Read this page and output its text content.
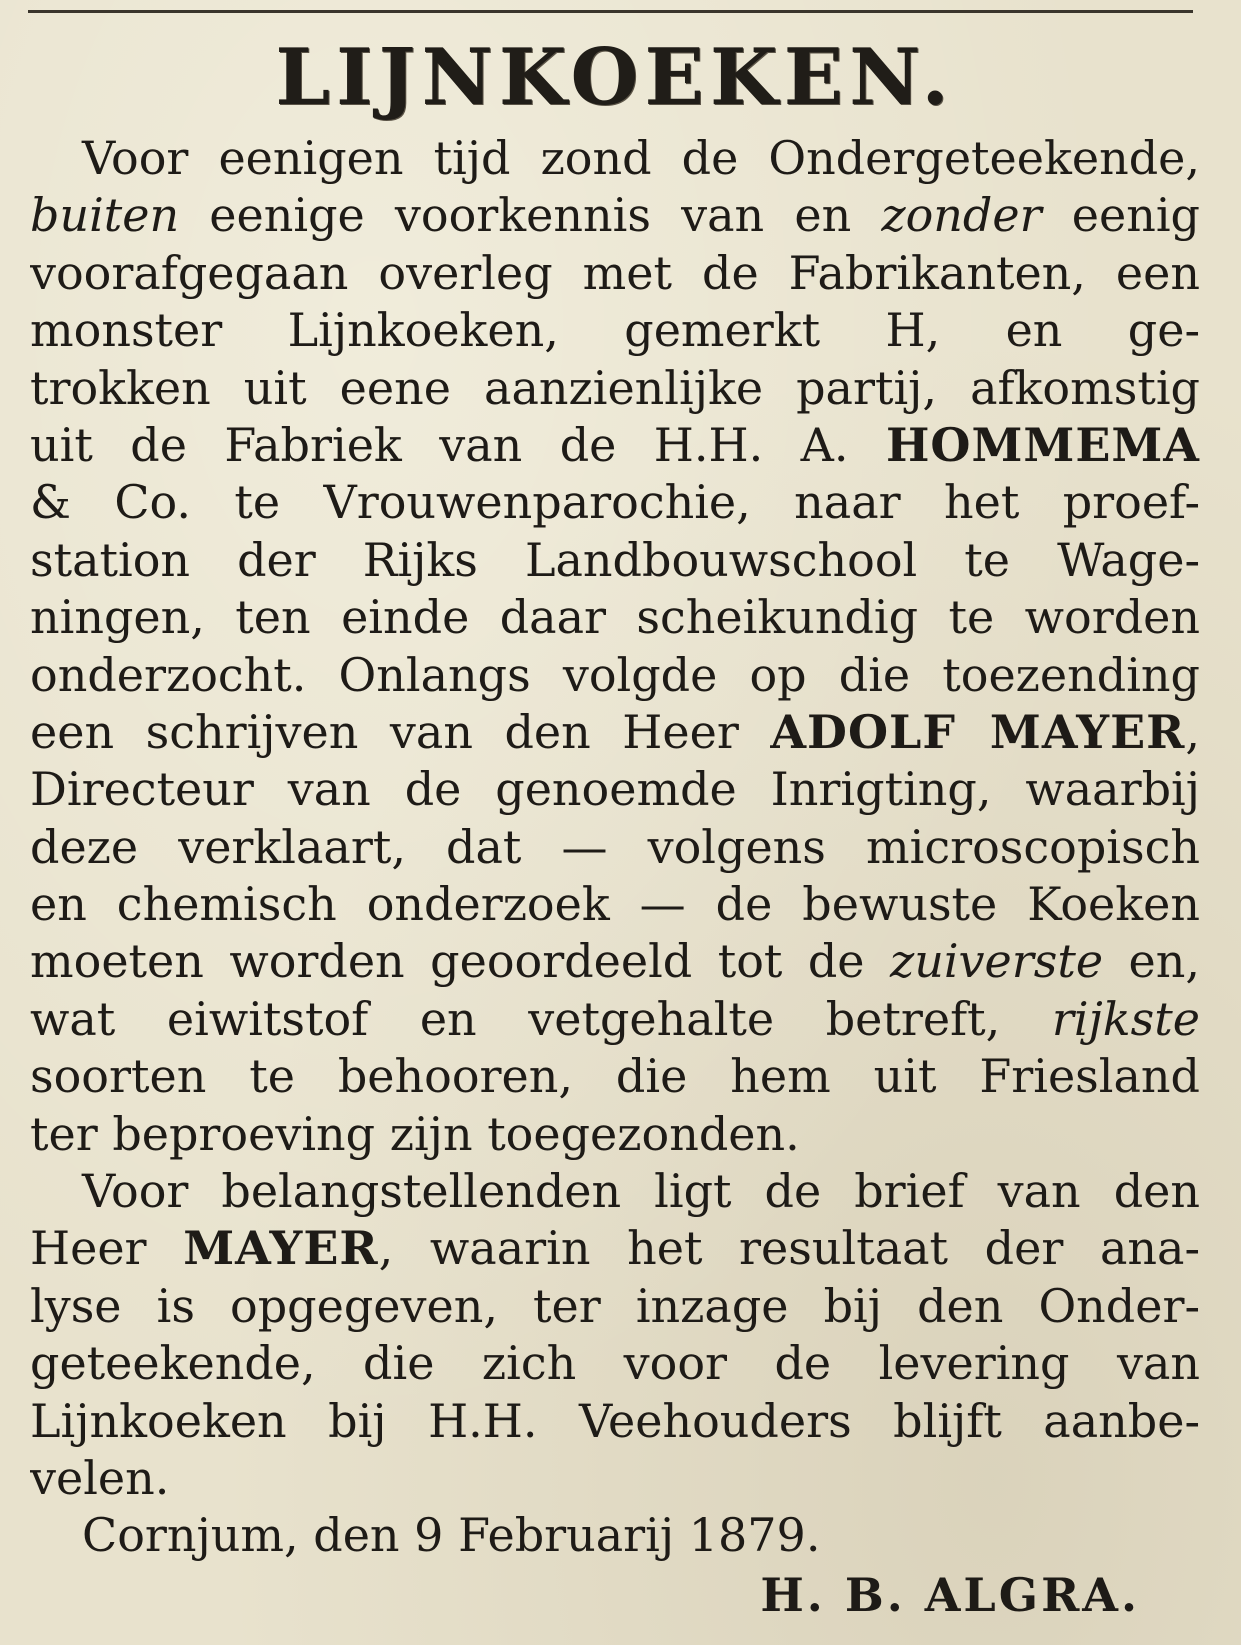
LIJNKOEKEN.
Voor eenigen tijd zond de Ondergeteekende,
buiten eenige voorkennis van en zonder eenig
voorafgegaan overleg met de Fabrikanten, een
monster Lijnkoeken, gemerkt H, en ge-
trokken uit eene aanzienlijke partij, afkomstig
uit de Fabriek van de H.H. A. HOMMEMA
& Co. te Vrouwenparochie, naar het proef-
station der Rijks Landbouwschool te Wage-
ningen, ten einde daar scheikundig te worden
onderzocht. Onlangs volgde op die toezending
een schrijven van den Heer ADOLF MAYER,
Directeur van de genoemde Inrigting, waarbij
deze verklaart, dat — volgens microscopisch
en chemisch onderzoek — de bewuste Koeken
moeten worden geoordeeld tot de zuiverste en,
wat eiwitstof en vetgehalte betreft, rijkste
soorten te behooren, die hem uit Friesland
ter beproeving zijn toegezonden.
Voor belangstellenden ligt de brief van den
Heer MAYER, waarin het resultaat der ana-
lyse is opgegeven, ter inzage bij den Onder-
geteekende, die zich voor de levering van
Lijnkoeken bij H.H. Veehouders blijft aanbe-
velen.
Cornjum, den 9 Februarij 1879.
H. B. ALGRA.
